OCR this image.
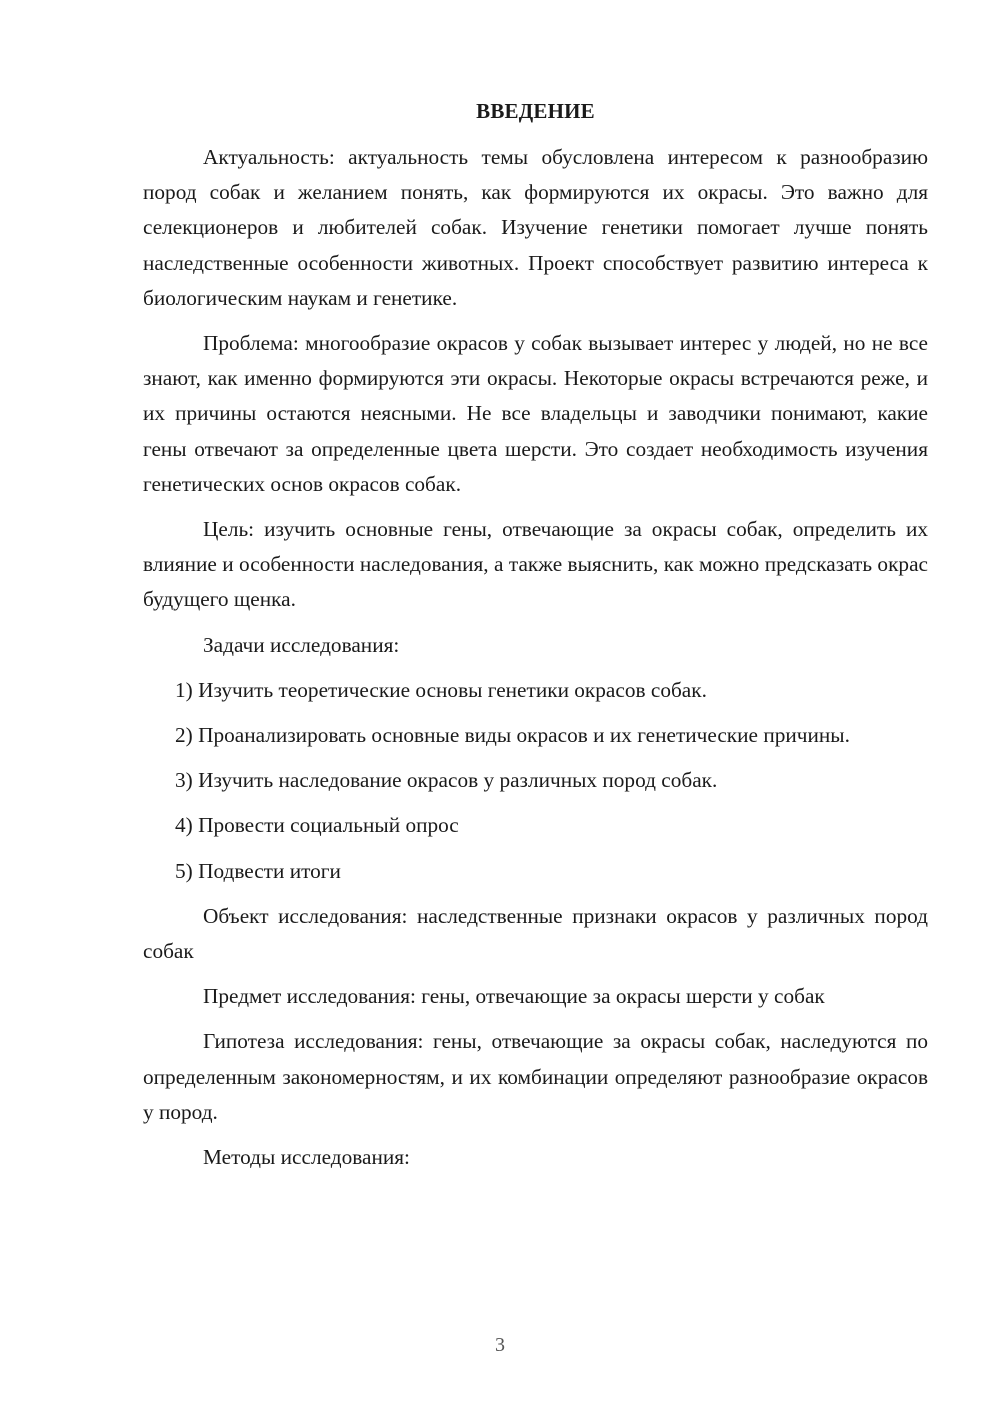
ВВЕДЕНИЕ

Актуальность: актуальность темы обусловлена интересом к разнообразию пород собак и желанием понять, как формируются их окрасы. Это важно для селекционеров и любителей собак. Изучение генетики помогает лучше понять наследственные особенности животных. Проект способствует развитию интереса к биологическим наукам и генетике.

Проблема: многообразие окрасов у собак вызывает интерес у людей, но не все знают, как именно формируются эти окрасы. Некоторые окрасы встречаются реже, и их причины остаются неясными. Не все владельцы и заводчики понимают, какие гены отвечают за определенные цвета шерсти. Это создает необходимость изучения генетических основ окрасов собак.

Цель: изучить основные гены, отвечающие за окрасы собак, определить их влияние и особенности наследования, а также выяснить, как можно предсказать окрас будущего щенка.

Задачи исследования:

1) Изучить теоретические основы генетики окрасов собак.

2) Проанализировать основные виды окрасов и их генетические причины.

3) Изучить наследование окрасов у различных пород собак.

4) Провести социальный опрос

5) Подвести итоги

Объект исследования: наследственные признаки окрасов у различных пород собак

Предмет исследования: гены, отвечающие за окрасы шерсти у собак

Гипотеза исследования: гены, отвечающие за окрасы собак, наследуются по определенным закономерностям, и их комбинации определяют разнообразие окрасов у пород.

Методы исследования:

3
